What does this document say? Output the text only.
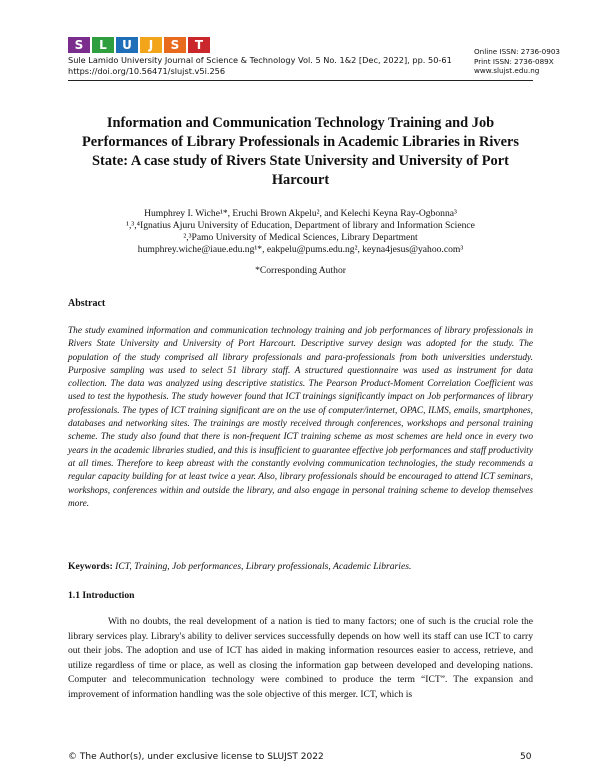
S	L	U	J	S	T
Sule Lamido University Journal of Science & Technology Vol. 5 No. 1&2 [Dec, 2022], pp. 50-61
https://doi.org/10.56471/slujst.v5i.256
Online ISSN: 2736-0903
Print ISSN: 2736-089X
www.slujst.edu.ng
Information and Communication Technology Training and Job Performances of Library Professionals in Academic Libraries in Rivers State: A case study of Rivers State University and University of Port Harcourt
Humphrey I. Wiche¹*, Eruchi Brown Akpelu², and Kelechi Keyna Ray-Ogbonna³
¹,³,⁴Ignatius Ajuru University of Education, Department of library and Information Science
²,³Pamo University of Medical Sciences, Library Department
humphrey.wiche@iaue.edu.ng¹*, eakpelu@pums.edu.ng², keyna4jesus@yahoo.com³
*Corresponding Author
Abstract
The study examined information and communication technology training and job performances of library professionals in Rivers State University and University of Port Harcourt. Descriptive survey design was adopted for the study. The population of the study comprised all library professionals and para-professionals from both universities understudy. Purposive sampling was used to select 51 library staff. A structured questionnaire was used as instrument for data collection. The data was analyzed using descriptive statistics. The Pearson Product-Moment Correlation Coefficient was used to test the hypothesis. The study however found that ICT trainings significantly impact on Job performances of library professionals. The types of ICT training significant are on the use of computer/internet, OPAC, ILMS, emails, smartphones, databases and networking sites. The trainings are mostly received through conferences, workshops and personal training scheme. The study also found that there is non-frequent ICT training scheme as most schemes are held once in every two years in the academic libraries studied, and this is insufficient to guarantee effective job performances and staff productivity at all times. Therefore to keep abreast with the constantly evolving communication technologies, the study recommends a regular capacity building for at least twice a year. Also, library professionals should be encouraged to attend ICT seminars, workshops, conferences within and outside the library, and also engage in personal training scheme to develop themselves more.
Keywords: ICT, Training, Job performances, Library professionals, Academic Libraries.
1.1 Introduction
With no doubts, the real development of a nation is tied to many factors; one of such is the crucial role the library services play. Library's ability to deliver services successfully depends on how well its staff can use ICT to carry out their jobs. The adoption and use of ICT has aided in making information resources easier to access, retrieve, and utilize regardless of time or place, as well as closing the information gap between developed and developing nations. Computer and telecommunication technology were combined to produce the term “ICT”. The expansion and improvement of information handling was the sole objective of this merger. ICT, which is
© The Author(s), under exclusive license to SLUJST 2022	50
